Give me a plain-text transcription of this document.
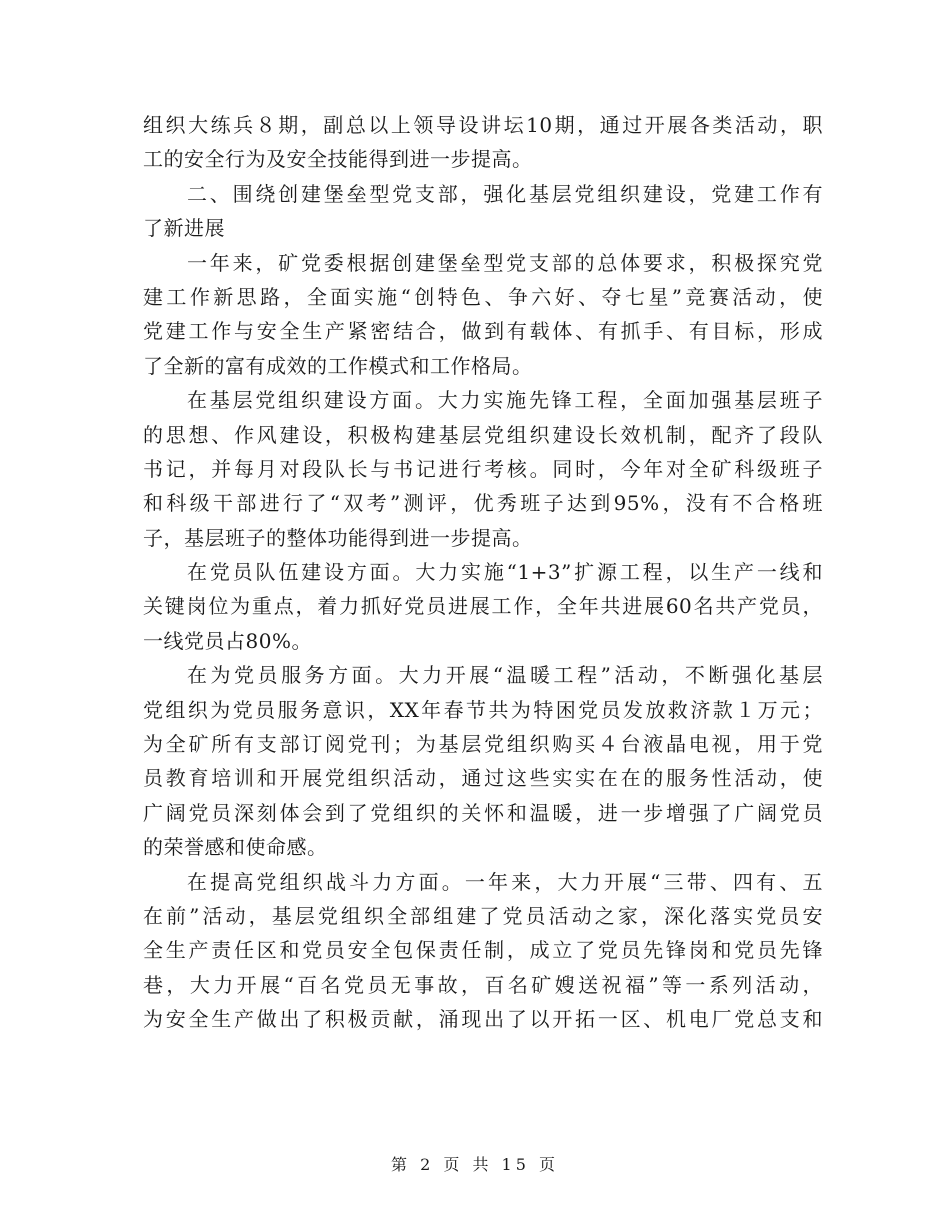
组织大练兵８期，副总以上领导设讲坛10期，通过开展各类活动，职
工的安全行为及安全技能得到进一步提高。
二、围绕创建堡垒型党支部，强化基层党组织建设，党建工作有
了新进展
一年来，矿党委根据创建堡垒型党支部的总体要求，积极探究党
建工作新思路，全面实施“创特色、争六好、夺七星”竞赛活动，使
党建工作与安全生产紧密结合，做到有载体、有抓手、有目标，形成
了全新的富有成效的工作模式和工作格局。
在基层党组织建设方面。大力实施先锋工程，全面加强基层班子
的思想、作风建设，积极构建基层党组织建设长效机制，配齐了段队
书记，并每月对段队长与书记进行考核。同时，今年对全矿科级班子
和科级干部进行了“双考”测评，优秀班子达到95%，没有不合格班
子，基层班子的整体功能得到进一步提高。
在党员队伍建设方面。大力实施“1+3”扩源工程，以生产一线和
关键岗位为重点，着力抓好党员进展工作，全年共进展60名共产党员，
一线党员占80%。
在为党员服务方面。大力开展“温暖工程”活动，不断强化基层
党组织为党员服务意识，XX年春节共为特困党员发放救济款１万元；
为全矿所有支部订阅党刊；为基层党组织购买４台液晶电视，用于党
员教育培训和开展党组织活动，通过这些实实在在的服务性活动，使
广阔党员深刻体会到了党组织的关怀和温暖，进一步增强了广阔党员
的荣誉感和使命感。
在提高党组织战斗力方面。一年来，大力开展“三带、四有、五
在前”活动，基层党组织全部组建了党员活动之家，深化落实党员安
全生产责任区和党员安全包保责任制，成立了党员先锋岗和党员先锋
巷，大力开展“百名党员无事故，百名矿嫂送祝福”等一系列活动，
为安全生产做出了积极贡献，涌现出了以开拓一区、机电厂党总支和
第 2 页 共 15 页
